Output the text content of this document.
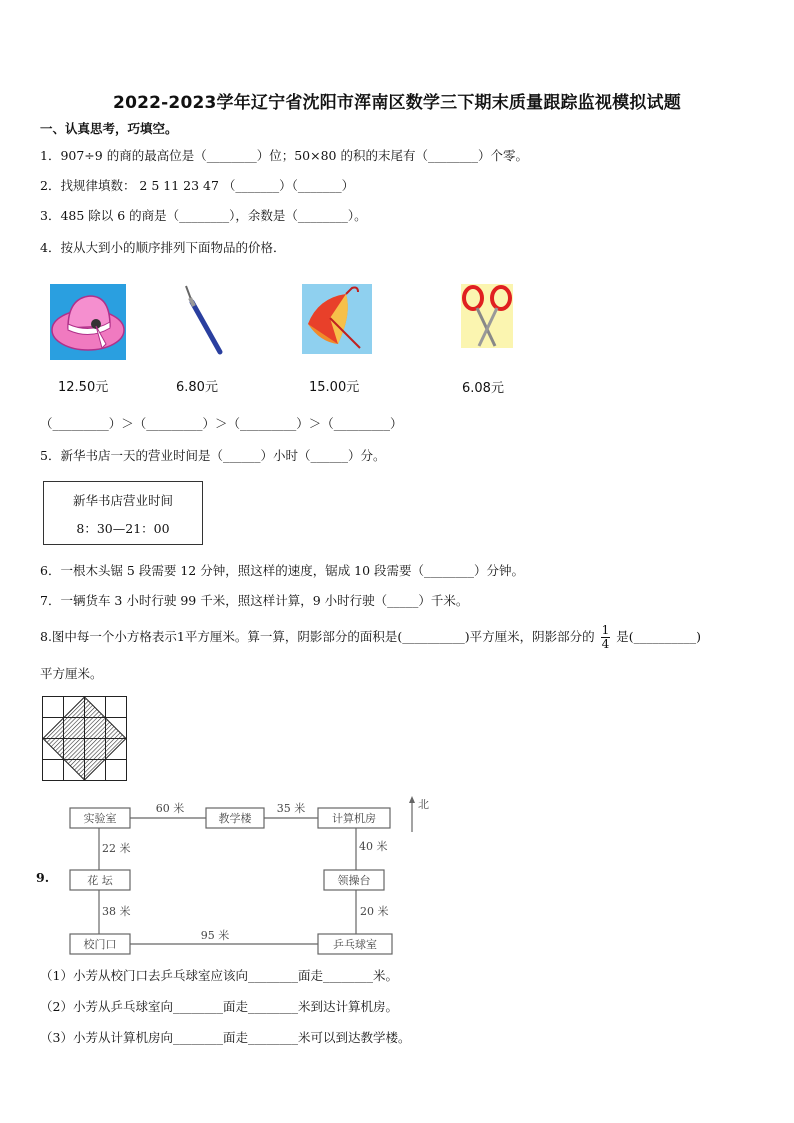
2022-2023学年辽宁省沈阳市浑南区数学三下期末质量跟踪监视模拟试题
一、认真思考，巧填空。
1．907÷9 的商的最高位是（________）位；50×80 的积的末尾有（________）个零。
2．找规律填数： 2 5 11 23 47 （_______）（_______）
3．485 除以 6 的商是（________），余数是（________）。
4．按从大到小的顺序排列下面物品的价格．
12.50元	6.80元	15.00元	6.08元
（_________）＞（_________）＞（_________）＞（_________）
5．新华书店一天的营业时间是（______）小时（______）分。
新华书店营业时间
8：30—21：00
6．一根木头锯 5 段需要 12 分钟，照这样的速度，锯成 10 段需要（________）分钟。
7．一辆货车 3 小时行驶 99 千米，照这样计算，9 小时行驶（_____）千米。
8.图中每一个小方格表示1平方厘米。算一算，阴影部分的面积是(__________)平方厘米，阴影部分的 $\frac{1}{4}$ 是(__________)
平方厘米。
9.
实验室	教学楼	计算机房
花 坛	领操台
校门口	乒乓球室
60 米	35 米
22 米	40 米
38 米	20 米
95 米
北
（1）小芳从校门口去乒乓球室应该向________面走________米。
（2）小芳从乒乓球室向________面走________米到达计算机房。
（3）小芳从计算机房向________面走________米可以到达教学楼。
